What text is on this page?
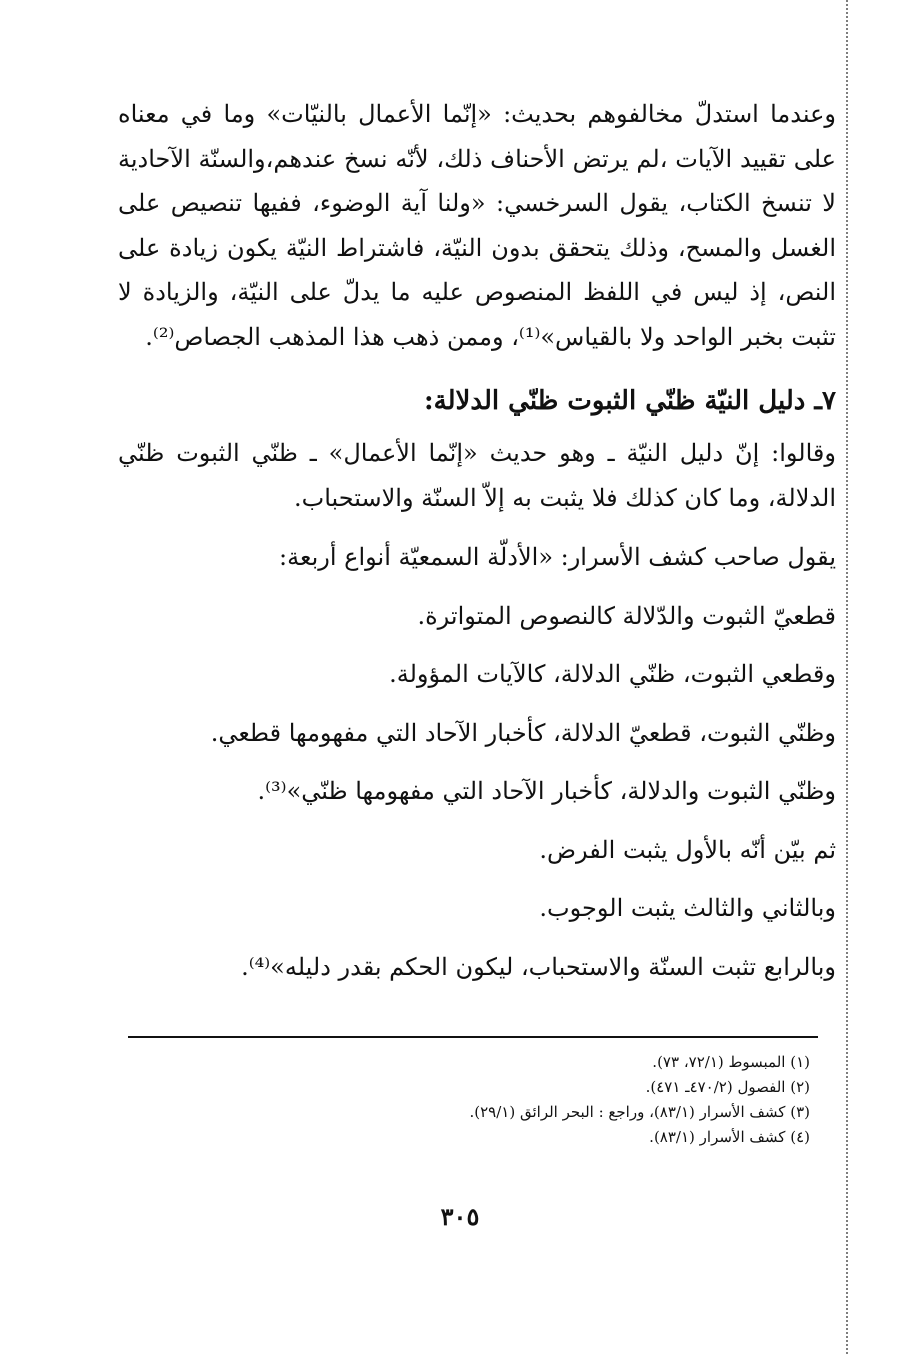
وعندما استدلّ مخالفوهم بحديث: «إنّما الأعمال بالنيّات» وما في معناه على تقييد الآيات ،لم يرتض الأحناف ذلك، لأنّه نسخ عندهم،والسنّة الآحادية لا تنسخ الكتاب، يقول السرخسي: «ولنا آية الوضوء، ففيها تنصيص على الغسل والمسح، وذلك يتحقق بدون النيّة، فاشتراط النيّة يكون زيادة على النص، إذ ليس في اللفظ المنصوص عليه ما يدلّ على النيّة، والزيادة لا تثبت بخبر الواحد ولا بالقياس»⁽¹⁾، وممن ذهب هذا المذهب الجصاص⁽²⁾.

٧ـ دليل النيّة ظنّي الثبوت ظنّي الدلالة:

وقالوا: إنّ دليل النيّة ـ وهو حديث «إنّما الأعمال» ـ ظنّي الثبوت ظنّي الدلالة، وما كان كذلك فلا يثبت به إلاّ السنّة والاستحباب.

يقول صاحب كشف الأسرار: «الأدلّة السمعيّة أنواع أربعة:

قطعيّ الثبوت والدّلالة كالنصوص المتواترة.

وقطعي الثبوت، ظنّي الدلالة، كالآيات المؤولة.

وظنّي الثبوت، قطعيّ الدلالة، كأخبار الآحاد التي مفهومها قطعي.

وظنّي الثبوت والدلالة، كأخبار الآحاد التي مفهومها ظنّي»⁽³⁾.

ثم بيّن أنّه بالأول يثبت الفرض.

وبالثاني والثالث يثبت الوجوب.

وبالرابع تثبت السنّة والاستحباب، ليكون الحكم بقدر دليله»⁽⁴⁾.

(١) المبسوط (٧٢/١، ٧٣).

(٢) الفصول (٤٧٠/٢ـ ٤٧١).

(٣) كشف الأسرار (٨٣/١)، وراجع : البحر الرائق (٢٩/١).

(٤) كشف الأسرار (٨٣/١).

٣٠٥
